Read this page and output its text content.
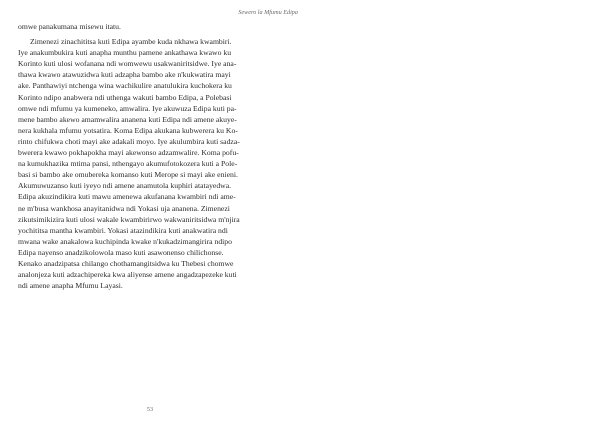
Sewero la Mfumu Edipa
omwe panakumana misewu itatu.
Zimenezi zinachititsa kuti Edipa ayambe kuda nkhawa kwambiri.
Iye anakumbukira kuti anapha munthu pamene ankathawa kwawo ku
Korinto kuti ulosi wofanana ndi womwewu usakwaniritsidwe. Iye ana-
thawa kwawo atawuzidwa kuti adzapha bambo ake n'kukwatira mayi
ake. Panthawiyi ntchenga wina wachikulire anatulukira kuchokera ku
Korinto ndipo anabwera ndi uthenga wakuti bambo Edipa, a Polebasi
omwe ndi mfumu ya kumeneko, amwalira. Iye akuwuza Edipa kuti pa-
mene bambo akewo amamwalira ananena kuti Edipa ndi amene akuye-
nera kukhala mfumu yotsatira. Koma Edipa akukana kubwerera ku Ko-
rinto chifukwa choti mayi ake adakali moyo. Iye akulumbira kuti sadza-
bwerera kwawo pokhapokha mayi akewonso adzamwalire. Koma pofu-
na kumukhazika mtima pansi, nthengayo akumufotokozera kuti a Pole-
basi si bambo ake omubereka komanso kuti Merope si mayi ake enieni.
Akumuwuzanso kuti iyeyo ndi amene anamutola kuphiri atatayedwa.
Edipa akuzindikira kuti mawu amenewa akufanana kwambiri ndi ame-
ne m'busa wankhosa anayitanidwa ndi Yokasi uja ananena. Zimenezi
zikutsimikizira kuti ulosi wakale kwambirirwo wakwaniritsidwa m'njira
yochititsa mantha kwambiri. Yokasi atazindikira kuti anakwatira ndi
mwana wake anakalowa kuchipinda kwake n'kukadzimangirira ndipo
Edipa nayenso anadzikolowola maso kuti asawonenso chilichonse.
Kenako anadzipatsa chilango chothamangitsidwa ku Thebesi chomwe
analonjeza kuti adzachipereka kwa aliyense amene angadzapezeke kuti
ndi amene anapha Mfumu Layasi.
53
